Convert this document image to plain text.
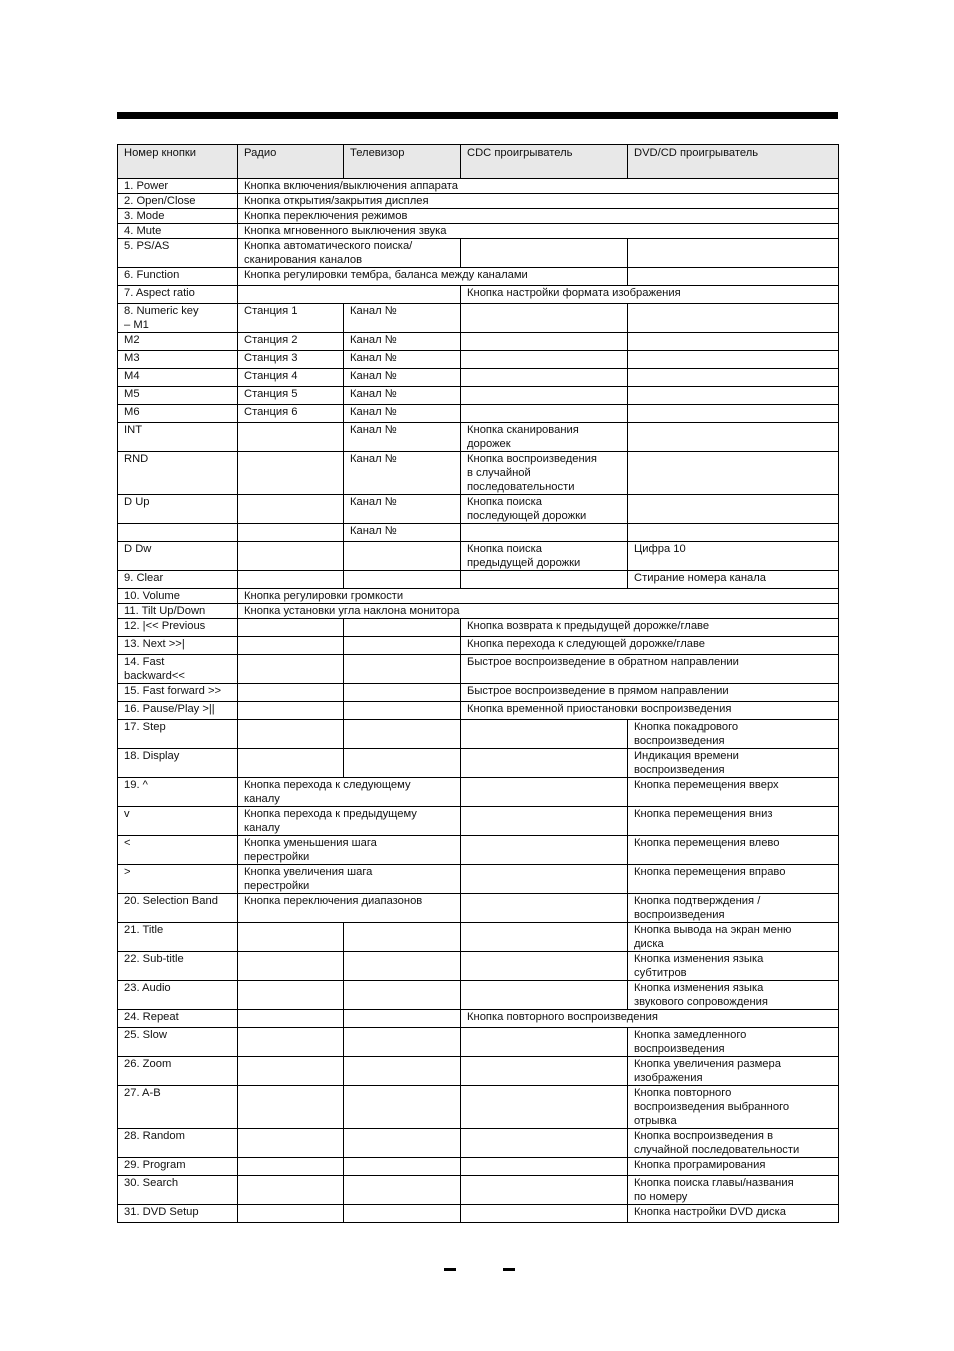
Номер кнопки	Радио	Телевизор	CDC проигрыватель	DVD/CD проигрыватель
1. Power	Кнопка включения/выключения аппарата			
2. Open/Close	Кнопка открытия/закрытия дисплея			
3. Mode	Кнопка переключения режимов			
4. Mute	Кнопка мгновенного выключения звука			
5. PS/AS	Кнопка автоматического поиска/
сканирования каналов			
6. Function	Кнопка регулировки тембра, баланса между каналами			
7. Aspect ratio			Кнопка настройки формата изображения	
8. Numeric key
– M1	Станция 1	Канал №		
M2	Станция 2	Канал №		
M3	Станция 3	Канал №		
M4	Станция 4	Канал №		
M5	Станция 5	Канал №		
M6	Станция 6	Канал №		
INT		Канал №	Кнопка сканирования
дорожек	
RND		Канал №	Кнопка воспроизведения
в случайной
последовательности	
D Up		Канал №	Кнопка поиска
последующей дорожки	
		Канал №		
D Dw			Кнопка поиска
предыдущей дорожки	Цифра 10
9. Clear				Стирание номера канала
10. Volume	Кнопка регулировки громкости			
11. Tilt Up/Down	Кнопка установки угла наклона монитора			
12. |<< Previous			Кнопка возврата к предыдущей дорожке/главе	
13. Next >>|			Кнопка перехода к следующей дорожке/главе	
14. Fast
backward<<			Быстрое воспроизведение в обратном направлении	
15. Fast forward >>			Быстрое воспроизведение в прямом направлении	
16. Pause/Play >||			Кнопка временной приостановки воспроизведения	
17. Step				Кнопка покадрового
воспроизведения
18. Display				Индикация времени
воспроизведения
19. ^	Кнопка перехода к следующему
каналу			Кнопка перемещения вверх
v	Кнопка перехода к предыдущему
каналу			Кнопка перемещения вниз
<	Кнопка уменьшения шага
перестройки			Кнопка перемещения влево
>	Кнопка увеличения шага
перестройки			Кнопка перемещения вправо
20. Selection Band	Кнопка переключения диапазонов			Кнопка подтверждения /
воспроизведения
21. Title				Кнопка вывода на экран меню
диска
22. Sub-title				Кнопка изменения языка
субтитров
23. Audio				Кнопка изменения языка
звукового сопровождения
24. Repeat			Кнопка повторного воспроизведения	
25. Slow				Кнопка замедленного
воспроизведения
26. Zoom				Кнопка увеличения размера
изображения
27. A-B				Кнопка повторного
воспроизведения выбранного
отрывка
28. Random				Кнопка воспроизведения в
случайной последовательности
29. Program				Кнопка програмирования
30. Search				Кнопка поиска главы/названия
по номеру
31. DVD Setup				Кнопка настройки DVD диска
